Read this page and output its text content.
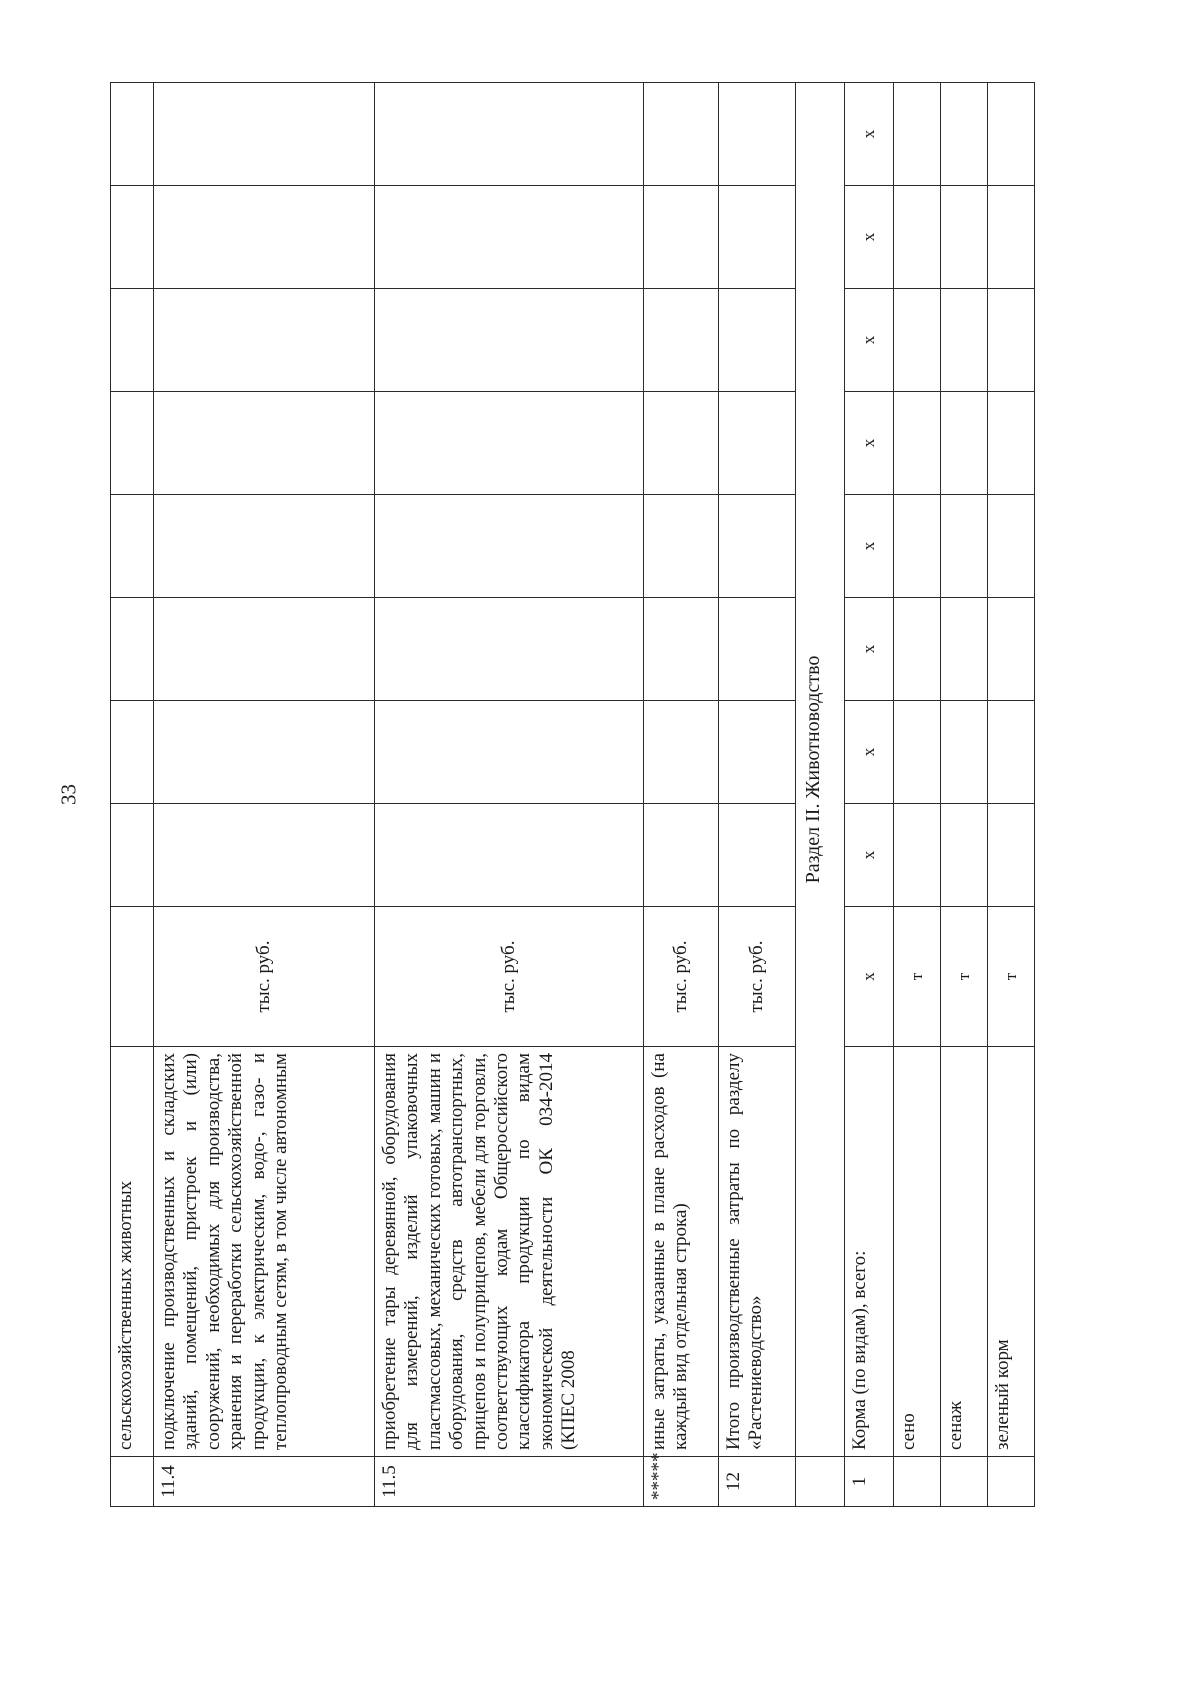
33
	сельскохозяйственных животных									
11.4	подключение производственных и складских зданий, помещений, пристроек и (или) сооружений, необходимых для производства, хранения и переработки сельскохозяйственной продукции, к электрическим, водо-, газо- и теплопроводным сетям, в том числе автономным	тыс. руб.								
11.5	приобретение тары деревянной, оборудования для измерений, изделий упаковочных пластмассовых, механических готовых, машин и оборудования, средств автотранспортных, прицепов и полуприцепов, мебели для торговли, соответствующих кодам Общероссийского классификатора продукции по видам экономической деятельности ОК 034-2014 (КПЕС 2008	тыс. руб.								
*****	иные затраты, указанные в плане расходов (на каждый вид отдельная строка)	тыс. руб.								
12	Итого производственные затраты по разделу «Растениеводство»	тыс. руб.								
	Раздел II. Животноводство									
1	Корма (по видам), всего:	x	x	x	x	x	x	x	x	x
	сено	т								
	сенаж	т								
	зеленый корм	т								
